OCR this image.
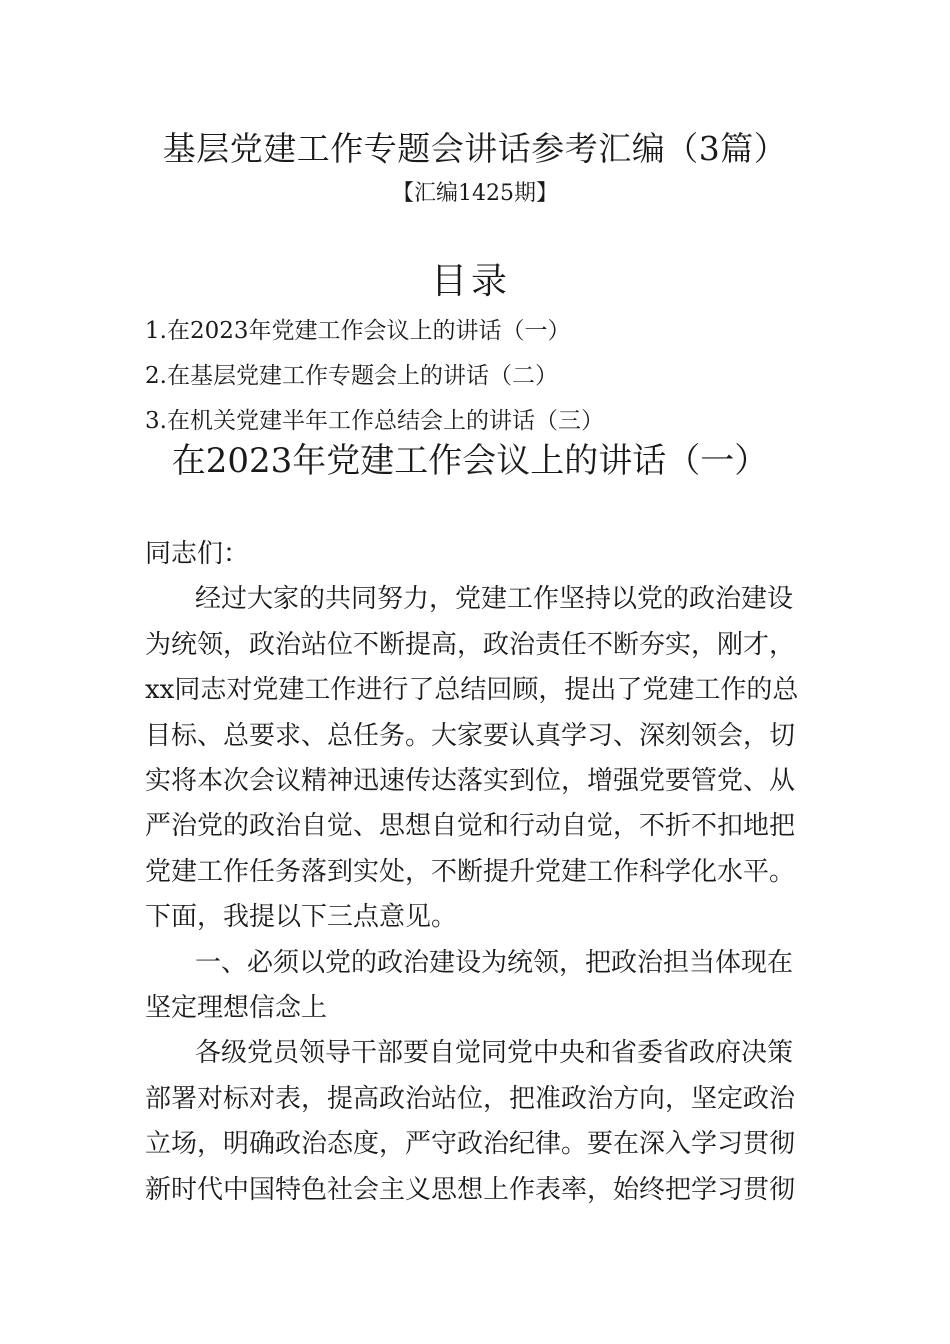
基层党建工作专题会讲话参考汇编（3篇）
【汇编1425期】
目录
1.在2023年党建工作会议上的讲话（一）
2.在基层党建工作专题会上的讲话（二）
3.在机关党建半年工作总结会上的讲话（三）
在2023年党建工作会议上的讲话（一）

同志们：

经过大家的共同努力，党建工作坚持以党的政治建设

为统领，政治站位不断提高，政治责任不断夯实，刚才，

xx同志对党建工作进行了总结回顾，提出了党建工作的总

目标、总要求、总任务。大家要认真学习、深刻领会，切

实将本次会议精神迅速传达落实到位，增强党要管党、从

严治党的政治自觉、思想自觉和行动自觉，不折不扣地把

党建工作任务落到实处，不断提升党建工作科学化水平。

下面，我提以下三点意见。

一、必须以党的政治建设为统领，把政治担当体现在

坚定理想信念上

各级党员领导干部要自觉同党中央和省委省政府决策

部署对标对表，提高政治站位，把准政治方向，坚定政治

立场，明确政治态度，严守政治纪律。要在深入学习贯彻

新时代中国特色社会主义思想上作表率，始终把学习贯彻
